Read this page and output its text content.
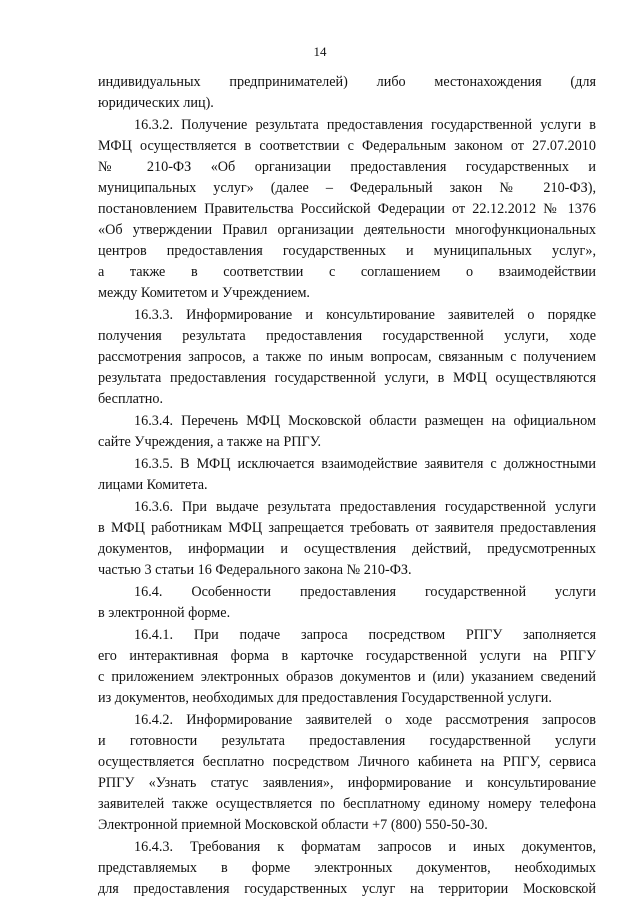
14
индивидуальных предпринимателей) либо местонахождения (для
юридических лиц).
16.3.2. Получение результата предоставления государственной услуги в
МФЦ осуществляется в соответствии с Федеральным законом от 27.07.2010
№ 210-ФЗ «Об организации предоставления государственных и
муниципальных услуг» (далее – Федеральный закон № 210-ФЗ),
постановлением Правительства Российской Федерации от 22.12.2012 № 1376
«Об утверждении Правил организации деятельности многофункциональных
центров предоставления государственных и муниципальных услуг»,
а также в соответствии с соглашением о взаимодействии
между Комитетом и Учреждением.
16.3.3. Информирование и консультирование заявителей о порядке
получения результата предоставления государственной услуги, ходе
рассмотрения запросов, а также по иным вопросам, связанным с получением
результата предоставления государственной услуги, в МФЦ осуществляются
бесплатно.
16.3.4. Перечень МФЦ Московской области размещен на официальном
сайте Учреждения, а также на РПГУ.
16.3.5. В МФЦ исключается взаимодействие заявителя с должностными
лицами Комитета.
16.3.6. При выдаче результата предоставления государственной услуги
в МФЦ работникам МФЦ запрещается требовать от заявителя предоставления
документов, информации и осуществления действий, предусмотренных
частью 3 статьи 16 Федерального закона № 210-ФЗ.
16.4. Особенности предоставления государственной услуги
в электронной форме.
16.4.1. При подаче запроса посредством РПГУ заполняется
его интерактивная форма в карточке государственной услуги на РПГУ
с приложением электронных образов документов и (или) указанием сведений
из документов, необходимых для предоставления Государственной услуги.
16.4.2. Информирование заявителей о ходе рассмотрения запросов
и готовности результата предоставления государственной услуги
осуществляется бесплатно посредством Личного кабинета на РПГУ, сервиса
РПГУ «Узнать статус заявления», информирование и консультирование
заявителей также осуществляется по бесплатному единому номеру телефона
Электронной приемной Московской области +7 (800) 550-50-30.
16.4.3. Требования к форматам запросов и иных документов,
представляемых в форме электронных документов, необходимых
для предоставления государственных услуг на территории Московской
